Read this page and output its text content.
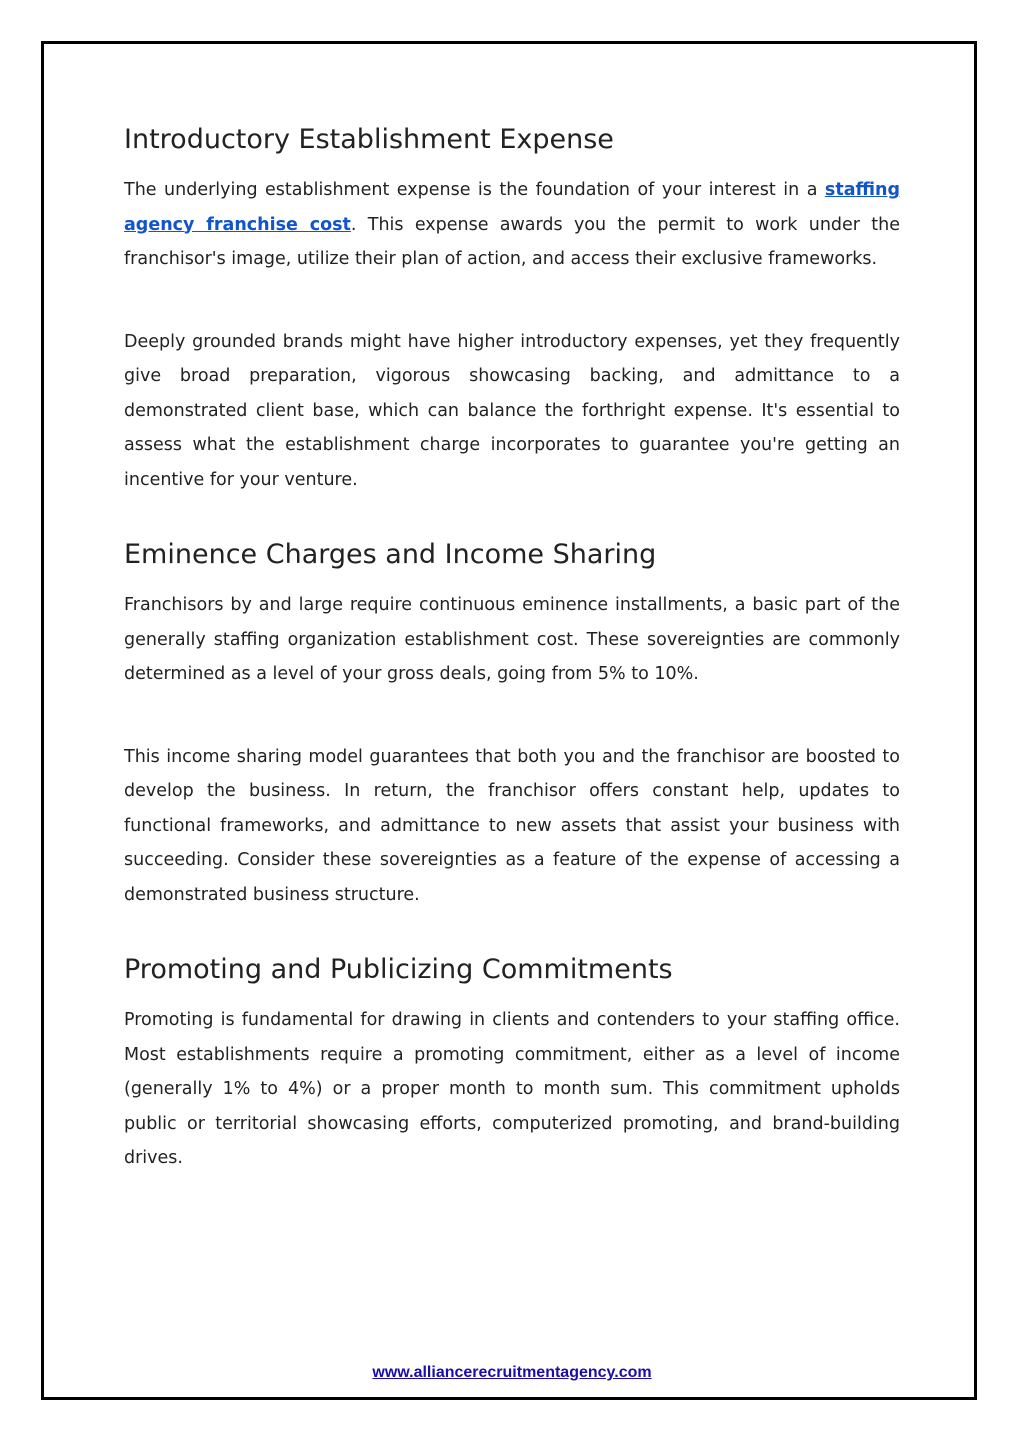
Introductory Establishment Expense

The underlying establishment expense is the foundation of your interest in a staffing agency franchise cost. This expense awards you the permit to work under the franchisor's image, utilize their plan of action, and access their exclusive frameworks.

Deeply grounded brands might have higher introductory expenses, yet they frequently give broad preparation, vigorous showcasing backing, and admittance to a demonstrated client base, which can balance the forthright expense. It's essential to assess what the establishment charge incorporates to guarantee you're getting an incentive for your venture.

Eminence Charges and Income Sharing

Franchisors by and large require continuous eminence installments, a basic part of the generally staffing organization establishment cost. These sovereignties are commonly determined as a level of your gross deals, going from 5% to 10%.

This income sharing model guarantees that both you and the franchisor are boosted to develop the business. In return, the franchisor offers constant help, updates to functional frameworks, and admittance to new assets that assist your business with succeeding. Consider these sovereignties as a feature of the expense of accessing a demonstrated business structure.

Promoting and Publicizing Commitments

Promoting is fundamental for drawing in clients and contenders to your staffing office. Most establishments require a promoting commitment, either as a level of income (generally 1% to 4%) or a proper month to month sum. This commitment upholds public or territorial showcasing efforts, computerized promoting, and brand-building drives.

www.alliancerecruitmentagency.com
